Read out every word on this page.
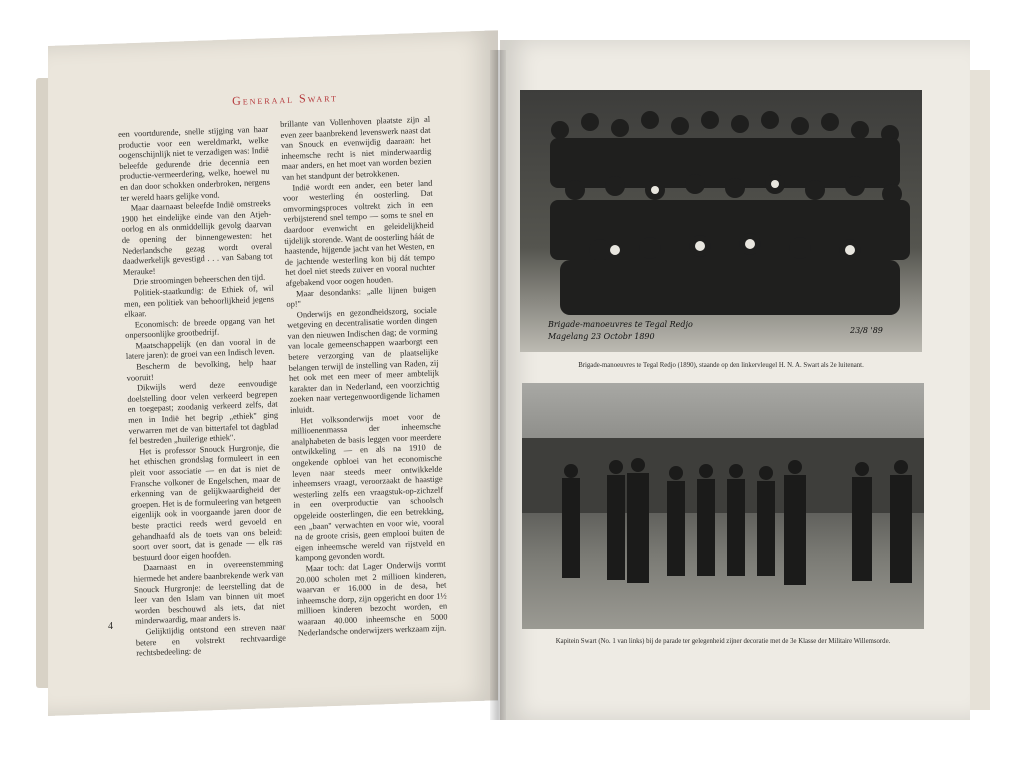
Generaal Swart

een voortdurende, snelle stijging van haar productie voor een wereldmarkt, welke oogenschijnlijk niet te verzadigen was: Indië beleefde gedurende drie decennia een productie-vermeerdering, welke, hoewel nu en dan door schokken onderbroken, nergens ter wereld haars gelijke vond.

Maar daarnaast beleefde Indië omstreeks 1900 het eindelijke einde van den Atjeh-oorlog en als onmiddellijk gevolg daarvan de opening der binnengewesten: het Nederlandsche gezag wordt overal daadwerkelijk gevestigd . . . van Sabang tot Merauke!

Drie stroomingen beheerschen den tijd.

Politiek-staatkundig: de Ethiek of, wil men, een politiek van behoorlijkheid jegens elkaar.

Economisch: de breede opgang van het onpersoonlijke grootbedrijf.

Maatschappelijk (en dan vooral in de latere jaren): de groei van een Indisch leven.

Bescherm de bevolking, help haar vooruit!

Dikwijls werd deze eenvoudige doelstelling door velen verkeerd begrepen en toegepast; zoodanig verkeerd zelfs, dat men in Indië het begrip „ethiek" ging verwarren met de van bittertafel tot dagblad fel bestreden „huilerige ethiek".

Het is professor Snouck Hurgronje, die het ethischen grondslag formuleert in een pleit voor associatie — en dat is niet de Fransche volkoner de Engelschen, maar de erkenning van de gelijkwaardigheid der groepen. Het is de formuleering van hetgeen eigenlijk ook in voorgaande jaren door de beste practici reeds werd gevoeld en gehandhaafd als de toets van ons beleid: soort over soort, dat is genade — elk ras bestuurd door eigen hoofden.

Daarnaast en in overeenstemming hiermede het andere baanbrekende werk van Snouck Hurgronje: de leerstelling dat de leer van den Islam van binnen uit moet worden beschouwd als iets, dat niet minderwaardig, maar anders is.

Gelijktijdig ontstond een streven naar betere en volstrekt rechtvaardige rechtsbedeeling: de

brillante van Vollenhoven plaatste zijn al even zeer baanbrekend levenswerk naast dat van Snouck en evenwijdig daaraan: het inheemsche recht is niet minderwaardig maar anders, en het moet van worden bezien van het standpunt der betrokkenen.

Indië wordt een ander, een beter land voor westerling én oosterling. Dat omvormingsproces voltrekt zich in een verbijsterend snel tempo — soms te snel en daardoor evenwicht en geleidelijkheid tijdelijk storende. Want de oosterling háát de haastende, hijgende jacht van het Westen, en de jachtende westerling kon bij dát tempo het doel niet steeds zuiver en vooral nuchter afgebakend voor oogen houden.

Maar desondanks: „alle lijnen buigen op!"

Onderwijs en gezondheidszorg, sociale wetgeving en decentralisatie worden dingen van den nieuwen Indischen dag; de vorming van locale gemeenschappen waarborgt een betere verzorging van de plaatselijke belangen terwijl de instelling van Raden, zij het ook met een meer of meer ambtelijk karakter dan in Nederland, een voorzichtig zoeken naar vertegenwoordigende lichamen inluidt.

Het volksonderwijs moet voor de millioenenmassa der inheemsche analphabeten de basis leggen voor meerdere ontwikkeling — en als na 1910 de ongekende opbloei van het economische leven naar steeds meer ontwikkelde inheemsers vraagt, veroorzaakt de haastige westerling zelfs een vraagstuk-op-zichzelf in een overproductie van schoolsch opgeleide oosterlingen, die een betrekking, een „baan" verwachten en voor wie, vooral na de groote crisis, geen emplooi buiten de eigen inheemsche wereld van rijstveld en kampong gevonden wordt.

Maar toch: dat Lager Onderwijs vormt 20.000 scholen met 2 millioen kinderen, waarvan er 16.000 in de desa, het inheemsche dorp, zijn opgericht en door 1½ millioen kinderen bezocht worden, en waaraan 40.000 inheemsche en 5000 Nederlandsche onderwijzers werkzaam zijn.

4
Brigade-manoeuvres te Tegal Redjo
Magelang 23 Octobr 1890
23/8 '89
Brigade-manoeuvres te Tegal Redjo (1890), staande op den linkervleugel H. N. A. Swart als 2e luitenant.
Kapitein Swart (No. 1 van links) bij de parade ter gelegenheid zijner decoratie met de 3e Klasse der Militaire Willemsorde.
